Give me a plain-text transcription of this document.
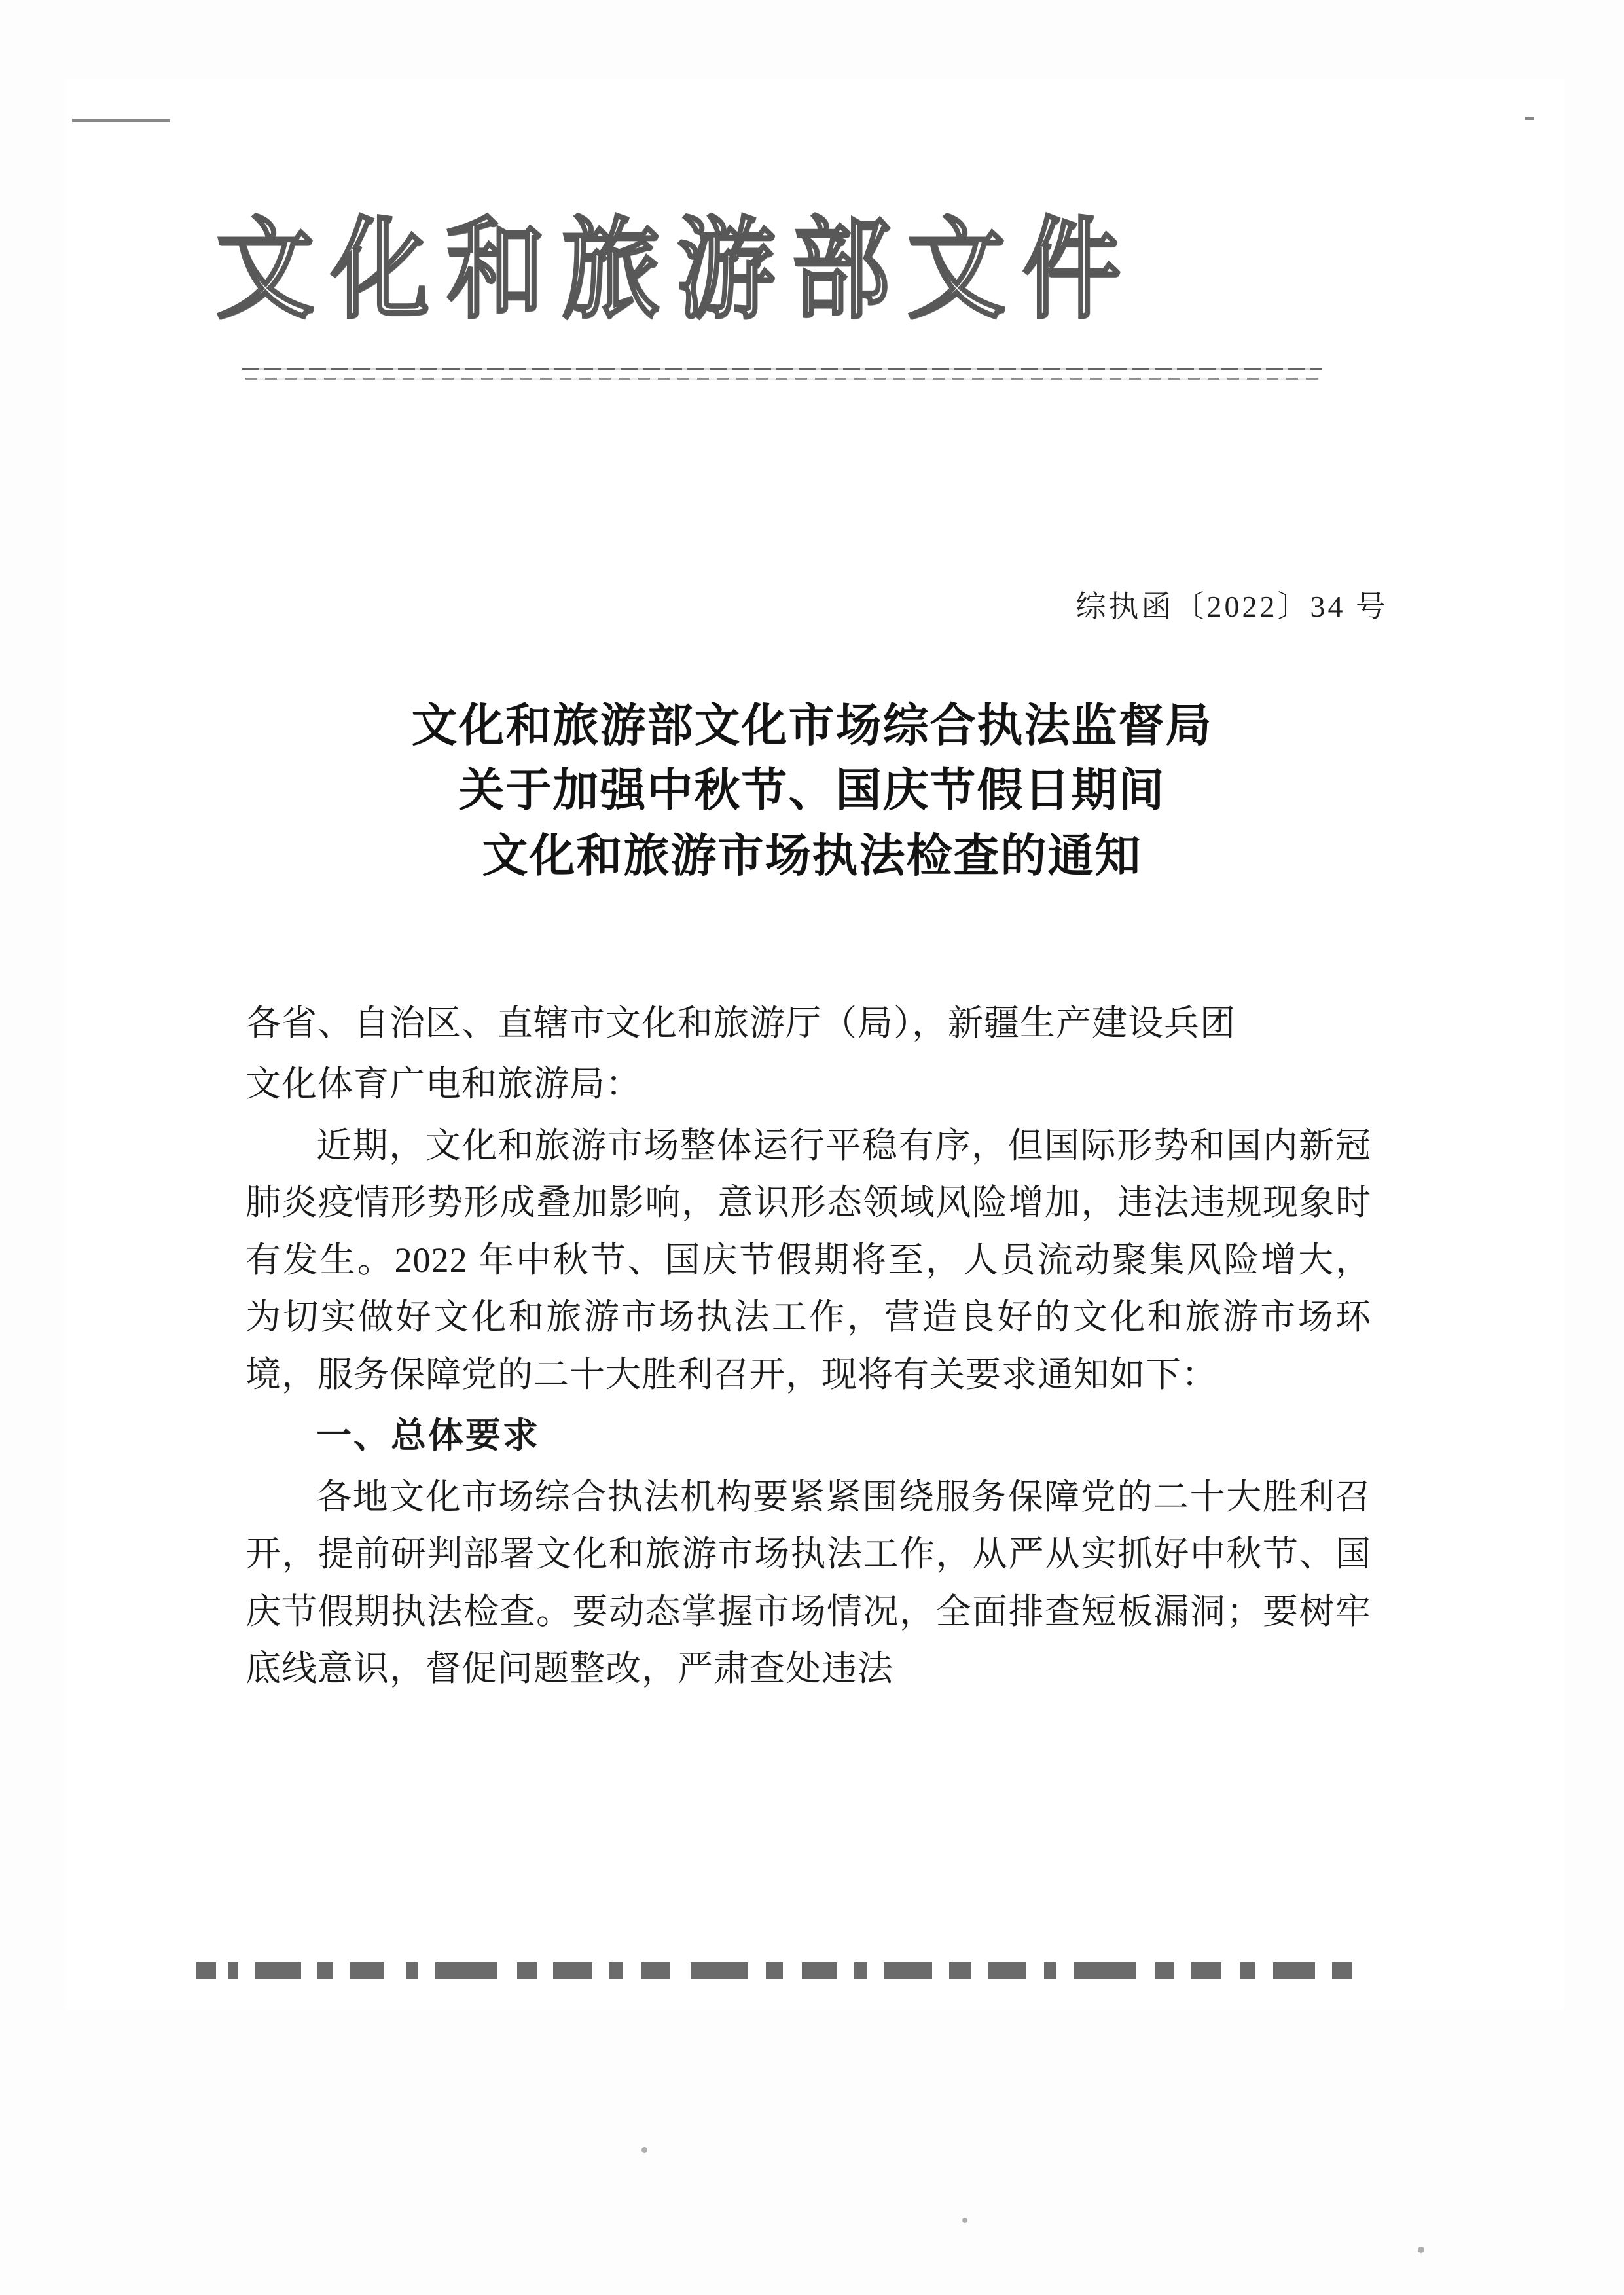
文化和旅游部文件
综执函〔2022〕34 号
文化和旅游部文化市场综合执法监督局
关于加强中秋节、国庆节假日期间
文化和旅游市场执法检查的通知

各省、自治区、直辖市文化和旅游厅（局），新疆生产建设兵团

文化体育广电和旅游局：

近期，文化和旅游市场整体运行平稳有序，但国际形势和国内新冠肺炎疫情形势形成叠加影响，意识形态领域风险增加，违法违规现象时有发生。2022 年中秋节、国庆节假期将至，人员流动聚集风险增大，为切实做好文化和旅游市场执法工作，营造良好的文化和旅游市场环境，服务保障党的二十大胜利召开，现将有关要求通知如下：

一、总体要求

各地文化市场综合执法机构要紧紧围绕服务保障党的二十大胜利召开，提前研判部署文化和旅游市场执法工作，从严从实抓好中秋节、国庆节假期执法检查。要动态掌握市场情况，全面排查短板漏洞；要树牢底线意识，督促问题整改，严肃查处违法
